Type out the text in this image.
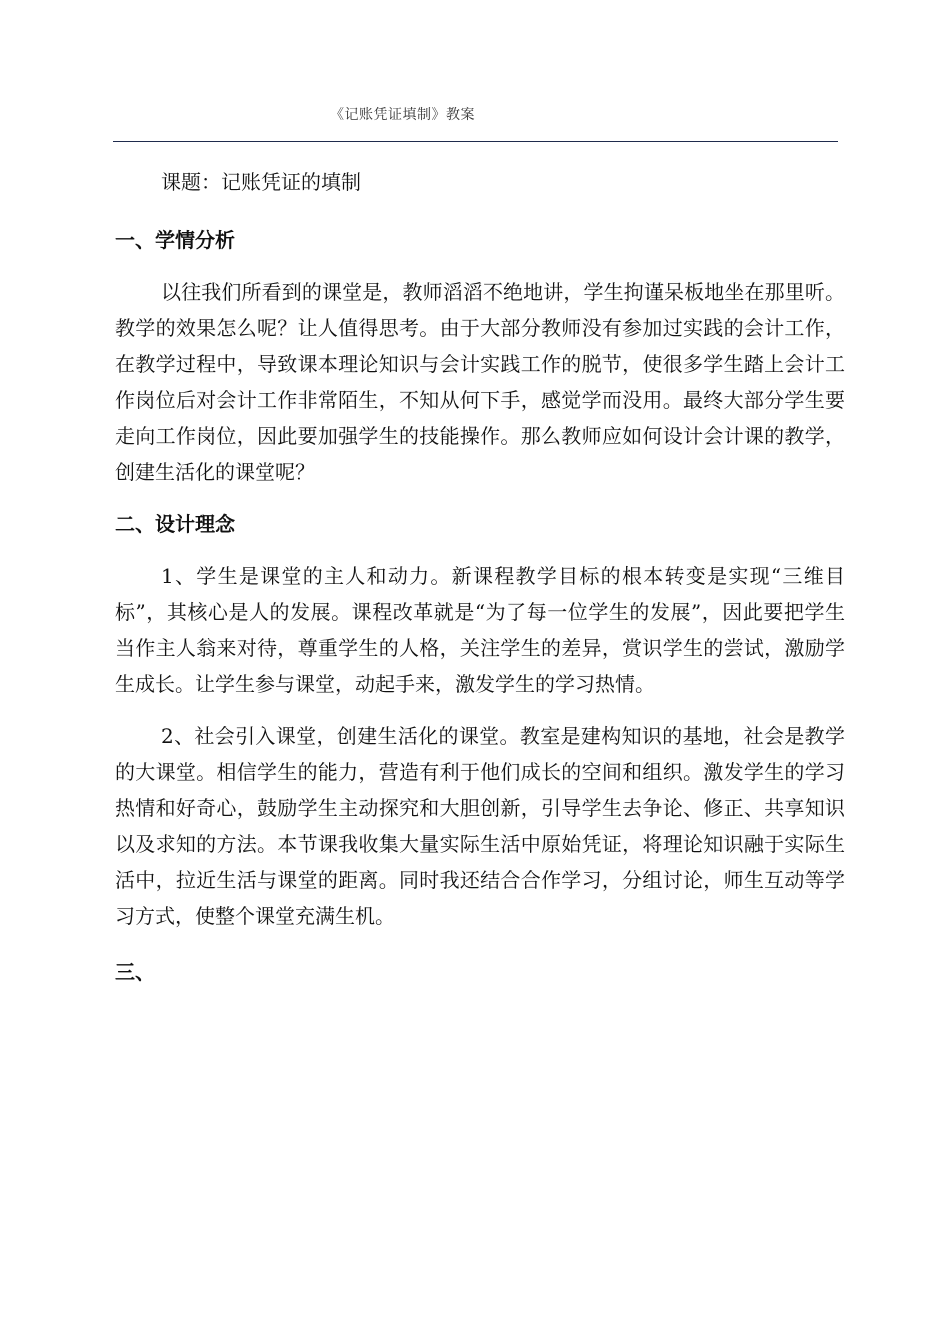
《记账凭证填制》教案

课题：记账凭证的填制

一、学情分析

以往我们所看到的课堂是，教师滔滔不绝地讲，学生拘谨呆板地坐在那里听。教学的效果怎么呢？让人值得思考。由于大部分教师没有参加过实践的会计工作，在教学过程中，导致课本理论知识与会计实践工作的脱节，使很多学生踏上会计工作岗位后对会计工作非常陌生，不知从何下手，感觉学而没用。最终大部分学生要走向工作岗位，因此要加强学生的技能操作。那么教师应如何设计会计课的教学，创建生活化的课堂呢？

二、设计理念

1、学生是课堂的主人和动力。新课程教学目标的根本转变是实现“三维目标”，其核心是人的发展。课程改革就是“为了每一位学生的发展”，因此要把学生当作主人翁来对待，尊重学生的人格，关注学生的差异，赏识学生的尝试，激励学生成长。让学生参与课堂，动起手来，激发学生的学习热情。

2、社会引入课堂，创建生活化的课堂。教室是建构知识的基地，社会是教学的大课堂。相信学生的能力，营造有利于他们成长的空间和组织。激发学生的学习热情和好奇心，鼓励学生主动探究和大胆创新，引导学生去争论、修正、共享知识以及求知的方法。本节课我收集大量实际生活中原始凭证，将理论知识融于实际生活中，拉近生活与课堂的距离。同时我还结合合作学习，分组讨论，师生互动等学习方式，使整个课堂充满生机。

三、
